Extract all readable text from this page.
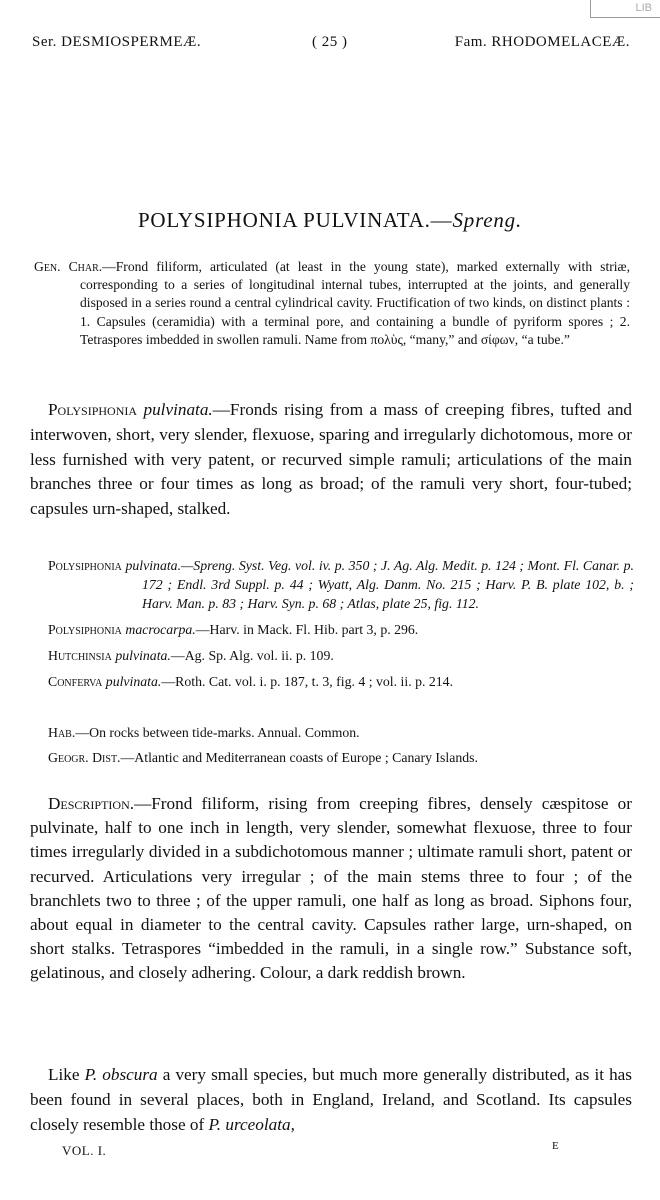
LIB
Ser. DESMIOSPERMEÆ.	( 25 )	Fam. RHODOMELACEÆ.
POLYSIPHONIA PULVINATA.—Spreng.
Gen. Char.—Frond filiform, articulated (at least in the young state), marked externally with striæ, corresponding to a series of longitudinal internal tubes, interrupted at the joints, and generally disposed in a series round a central cylindrical cavity. Fructification of two kinds, on distinct plants : 1. Capsules (ceramidia) with a terminal pore, and containing a bundle of pyriform spores ; 2. Tetraspores imbedded in swollen ramuli. Name from πολὺς, “many,” and σίφων, “a tube.”
Polysiphonia pulvinata.—Fronds rising from a mass of creeping fibres, tufted and interwoven, short, very slender, flexuose, sparing and irregularly dichotomous, more or less furnished with very patent, or recurved simple ramuli; articulations of the main branches three or four times as long as broad; of the ramuli very short, four-tubed; capsules urn-shaped, stalked.
Polysiphonia pulvinata.—Spreng. Syst. Veg. vol. iv. p. 350 ; J. Ag. Alg. Medit. p. 124 ; Mont. Fl. Canar. p. 172 ; Endl. 3rd Suppl. p. 44 ; Wyatt, Alg. Danm. No. 215 ; Harv. P. B. plate 102, b. ; Harv. Man. p. 83 ; Harv. Syn. p. 68 ; Atlas, plate 25, fig. 112.
Polysiphonia macrocarpa.—Harv. in Mack. Fl. Hib. part 3, p. 296.
Hutchinsia pulvinata.—Ag. Sp. Alg. vol. ii. p. 109.
Conferva pulvinata.—Roth. Cat. vol. i. p. 187, t. 3, fig. 4 ; vol. ii. p. 214.
Hab.—On rocks between tide-marks. Annual. Common.
Geogr. Dist.—Atlantic and Mediterranean coasts of Europe ; Canary Islands.
Description.—Frond filiform, rising from creeping fibres, densely cæspitose or pulvinate, half to one inch in length, very slender, somewhat flexuose, three to four times irregularly divided in a subdichotomous manner ; ultimate ramuli short, patent or recurved. Articulations very irregular ; of the main stems three to four ; of the branchlets two to three ; of the upper ramuli, one half as long as broad. Siphons four, about equal in diameter to the central cavity. Capsules rather large, urn-shaped, on short stalks. Tetraspores “imbedded in the ramuli, in a single row.” Substance soft, gelatinous, and closely adhering. Colour, a dark reddish brown.
Like P. obscura a very small species, but much more generally distributed, as it has been found in several places, both in England, Ireland, and Scotland. Its capsules closely resemble those of P. urceolata,
VOL. I.	E
